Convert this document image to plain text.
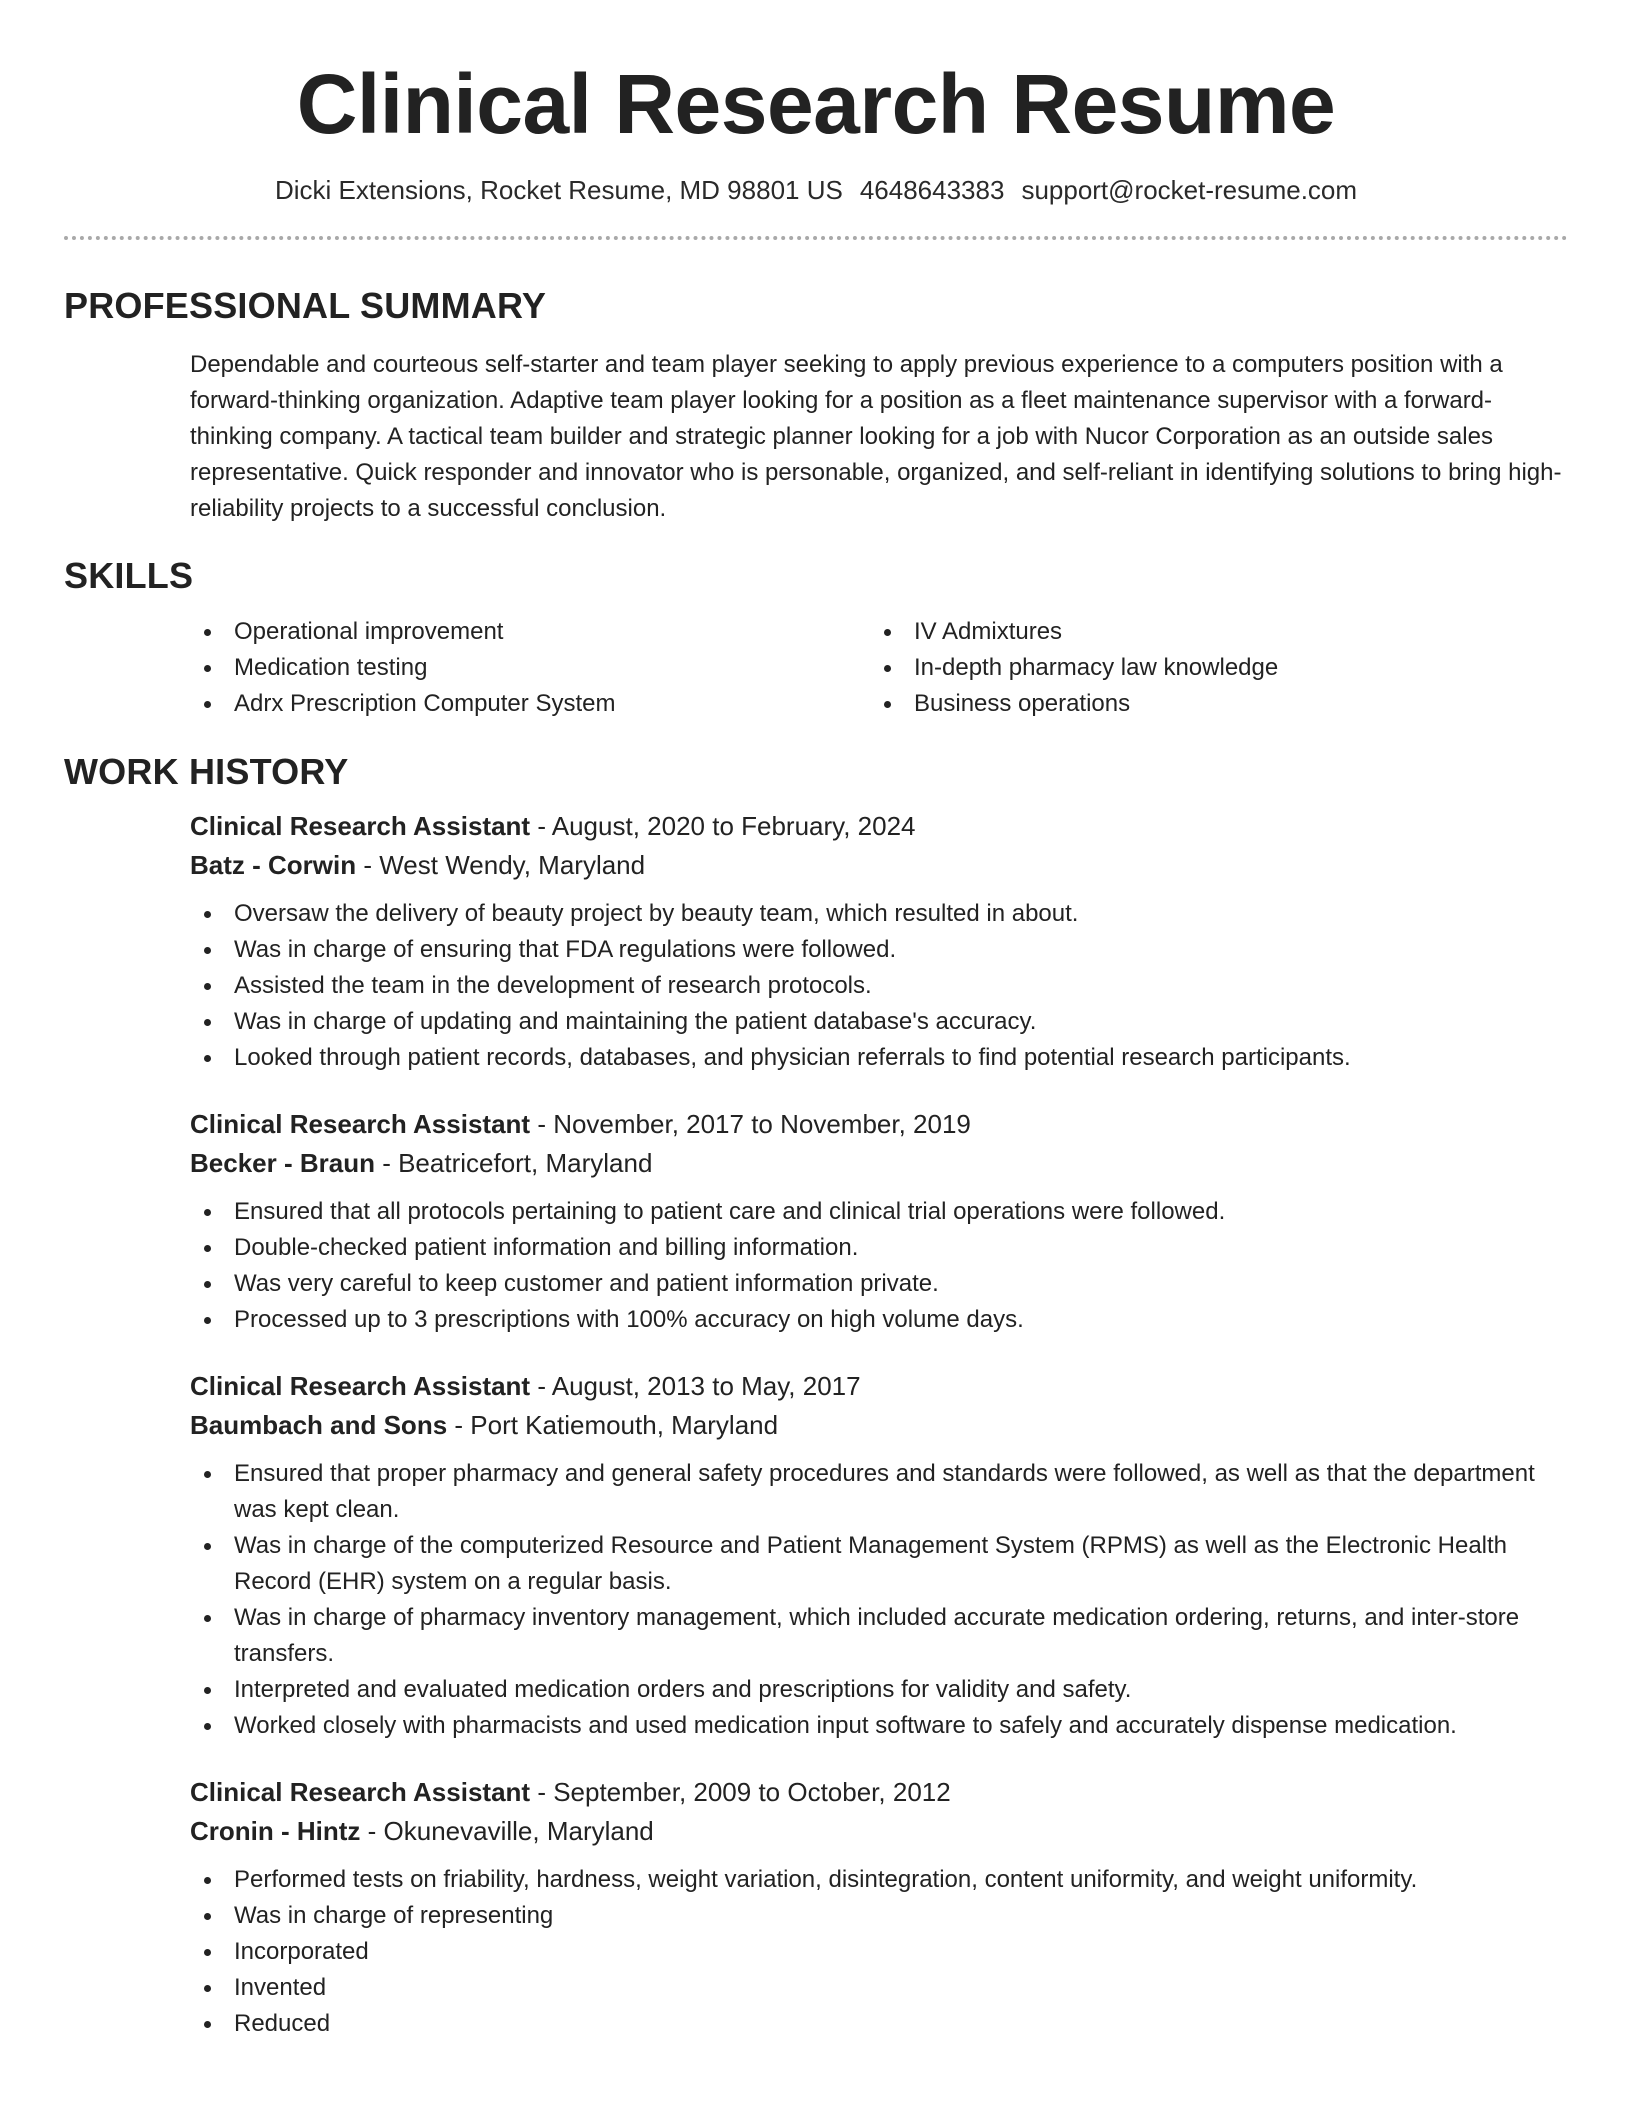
Clinical Research Resume
Dicki Extensions, Rocket Resume, MD 98801 US 4648643383 support@rocket-resume.com
PROFESSIONAL SUMMARY

Dependable and courteous self-starter and team player seeking to apply previous experience to a computers position with a forward-thinking organization. Adaptive team player looking for a position as a fleet maintenance supervisor with a forward-thinking company. A tactical team builder and strategic planner looking for a job with Nucor Corporation as an outside sales representative. Quick responder and innovator who is personable, organized, and self-reliant in identifying solutions to bring high-reliability projects to a successful conclusion.

SKILLS
Operational improvement
Medication testing
Adrx Prescription Computer System
IV Admixtures
In-depth pharmacy law knowledge
Business operations
WORK HISTORY
Clinical Research Assistant - August, 2020 to February, 2024
Batz - Corwin - West Wendy, Maryland
Oversaw the delivery of beauty project by beauty team, which resulted in about.
Was in charge of ensuring that FDA regulations were followed.
Assisted the team in the development of research protocols.
Was in charge of updating and maintaining the patient database's accuracy.
Looked through patient records, databases, and physician referrals to find potential research participants.
Clinical Research Assistant - November, 2017 to November, 2019
Becker - Braun - Beatricefort, Maryland
Ensured that all protocols pertaining to patient care and clinical trial operations were followed.
Double-checked patient information and billing information.
Was very careful to keep customer and patient information private.
Processed up to 3 prescriptions with 100% accuracy on high volume days.
Clinical Research Assistant - August, 2013 to May, 2017
Baumbach and Sons - Port Katiemouth, Maryland
Ensured that proper pharmacy and general safety procedures and standards were followed, as well as that the department was kept clean.
Was in charge of the computerized Resource and Patient Management System (RPMS) as well as the Electronic Health Record (EHR) system on a regular basis.
Was in charge of pharmacy inventory management, which included accurate medication ordering, returns, and inter-store transfers.
Interpreted and evaluated medication orders and prescriptions for validity and safety.
Worked closely with pharmacists and used medication input software to safely and accurately dispense medication.
Clinical Research Assistant - September, 2009 to October, 2012
Cronin - Hintz - Okunevaville, Maryland
Performed tests on friability, hardness, weight variation, disintegration, content uniformity, and weight uniformity.
Was in charge of representing
Incorporated
Invented
Reduced
